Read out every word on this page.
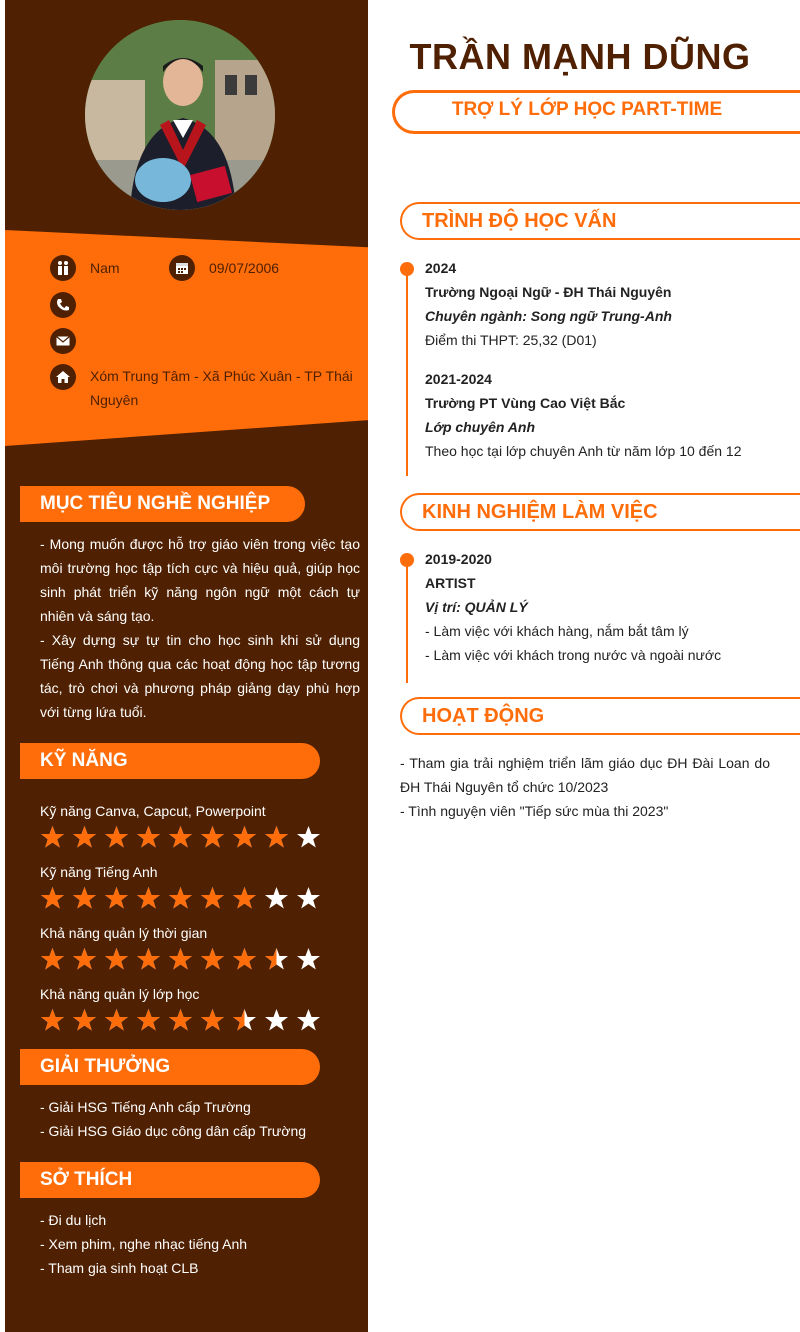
Nam	09/07/2006
Xóm Trung Tâm - Xã Phúc Xuân - TP Thái Nguyên
MỤC TIÊU NGHỀ NGHIỆP
- Mong muốn được hỗ trợ giáo viên trong việc tạo môi trường học tập tích cực và hiệu quả, giúp học sinh phát triển kỹ năng ngôn ngữ một cách tự nhiên và sáng tạo.
- Xây dựng sự tự tin cho học sinh khi sử dụng Tiếng Anh thông qua các hoạt động học tập tương tác, trò chơi và phương pháp giảng dạy phù hợp với từng lứa tuổi.
KỸ NĂNG
Kỹ năng Canva, Capcut, Powerpoint
Kỹ năng Tiếng Anh
Khả năng quản lý thời gian
Khả năng quản lý lớp học
GIẢI THƯỞNG
- Giải HSG Tiếng Anh cấp Trường
- Giải HSG Giáo dục công dân cấp Trường
SỞ THÍCH
- Đi du lịch
- Xem phim, nghe nhạc tiếng Anh
- Tham gia sinh hoạt CLB
TRẦN MẠNH DŨNG
TRỢ LÝ LỚP HỌC PART-TIME
TRÌNH ĐỘ HỌC VẤN
2024
Trường Ngoại Ngữ - ĐH Thái Nguyên
Chuyên ngành: Song ngữ Trung-Anh
Điểm thi THPT: 25,32 (D01)
2021-2024
Trường PT Vùng Cao Việt Bắc
Lớp chuyên Anh
Theo học tại lớp chuyên Anh từ năm lớp 10 đến 12
KINH NGHIỆM LÀM VIỆC
2019-2020
ARTIST
Vị trí: QUẢN LÝ
- Làm việc với khách hàng, nắm bắt tâm lý
- Làm việc với khách trong nước và ngoài nước
HOẠT ĐỘNG
- Tham gia trải nghiệm triển lãm giáo dục ĐH Đài Loan do ĐH Thái Nguyên tổ chức 10/2023
- Tình nguyện viên "Tiếp sức mùa thi 2023"
